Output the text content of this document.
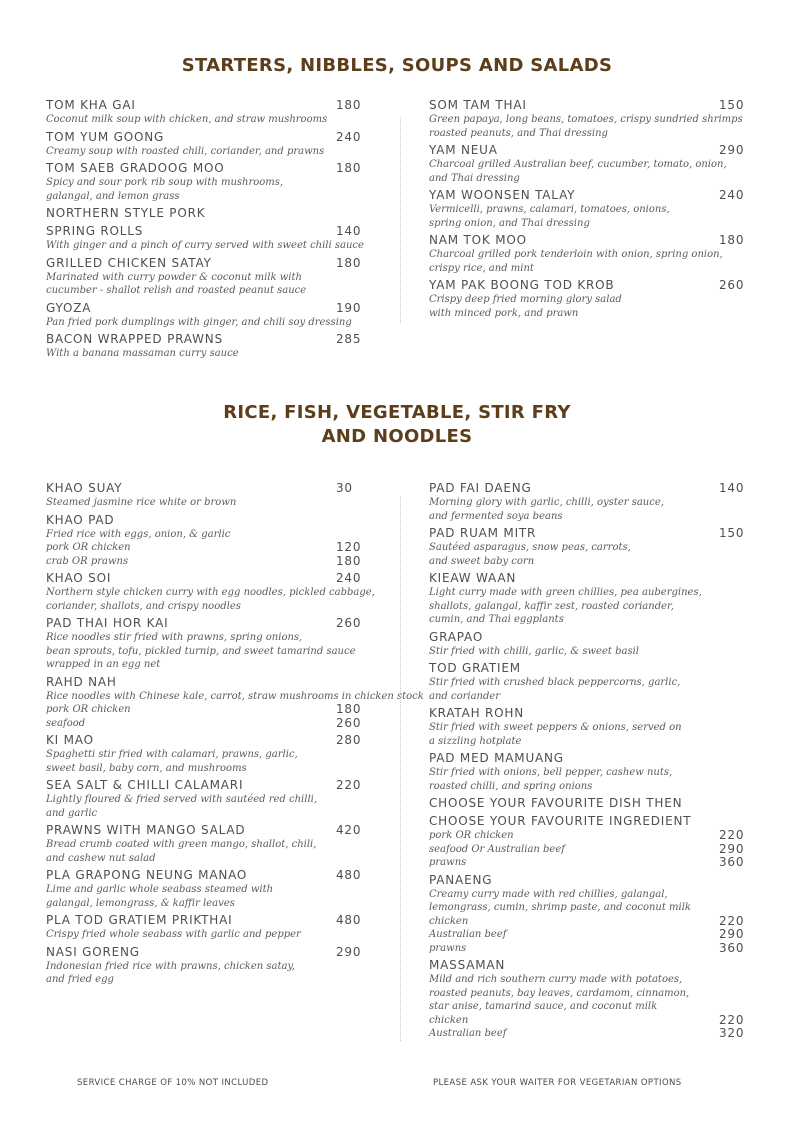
STARTERS, NIBBLES, SOUPS AND SALADS
TOM KHA GAI	180
Coconut milk soup with chicken, and straw mushrooms
TOM YUM GOONG	240
Creamy soup with roasted chili, coriander, and prawns
TOM SAEB GRADOOG MOO	180
Spicy and sour pork rib soup with mushrooms,
galangal, and lemon grass
NORTHERN STYLE PORK
SPRING ROLLS	140
With ginger and a pinch of curry served with sweet chili sauce
GRILLED CHICKEN SATAY	180
Marinated with curry powder & coconut milk with
cucumber - shallot relish and roasted peanut sauce
GYOZA	190
Pan fried pork dumplings with ginger, and chili soy dressing
BACON WRAPPED PRAWNS	285
With a banana massaman curry sauce
SOM TAM THAI	150
Green papaya, long beans, tomatoes, crispy sundried shrimps
roasted peanuts, and Thai dressing
YAM NEUA	290
Charcoal grilled Australian beef, cucumber, tomato, onion,
and Thai dressing
YAM WOONSEN TALAY	240
Vermicelli, prawns, calamari, tomatoes, onions,
spring onion, and Thai dressing
NAM TOK MOO	180
Charcoal grilled pork tenderloin with onion, spring onion,
crispy rice, and mint
YAM PAK BOONG TOD KROB	260
Crispy deep fried morning glory salad
with minced pork, and prawn
RICE, FISH, VEGETABLE, STIR FRY
AND NOODLES
KHAO SUAY	30
Steamed jasmine rice white or brown
KHAO PAD
Fried rice with eggs, onion, & garlic
pork OR chicken	120
crab OR prawns	180
KHAO SOI	240
Northern style chicken curry with egg noodles, pickled cabbage,
coriander, shallots, and crispy noodles
PAD THAI HOR KAI	260
Rice noodles stir fried with prawns, spring onions,
bean sprouts, tofu, pickled turnip, and sweet tamarind sauce
wrapped in an egg net
RAHD NAH
Rice noodles with Chinese kale, carrot, straw mushrooms in chicken stock
pork OR chicken	180
seafood	260
KI MAO	280
Spaghetti stir fried with calamari, prawns, garlic,
sweet basil, baby corn, and mushrooms
SEA SALT & CHILLI CALAMARI	220
Lightly floured & fried served with sautéed red chilli,
and garlic
PRAWNS WITH MANGO SALAD	420
Bread crumb coated with green mango, shallot, chili,
and cashew nut salad
PLA GRAPONG NEUNG MANAO	480
Lime and garlic whole seabass steamed with
galangal, lemongrass, & kaffir leaves
PLA TOD GRATIEM PRIKTHAI	480
Crispy fried whole seabass with garlic and pepper
NASI GORENG	290
Indonesian fried rice with prawns, chicken satay,
and fried egg
PAD FAI DAENG	140
Morning glory with garlic, chilli, oyster sauce,
and fermented soya beans
PAD RUAM MITR	150
Sautéed asparagus, snow peas, carrots,
and sweet baby corn
KIEAW WAAN
Light curry made with green chillies, pea aubergines,
shallots, galangal, kaffir zest, roasted coriander,
cumin, and Thai eggplants
GRAPAO
Stir fried with chilli, garlic, & sweet basil
TOD GRATIEM
Stir fried with crushed black peppercorns, garlic,
and coriander
KRATAH ROHN
Stir fried with sweet peppers & onions, served on
a sizzling hotplate
PAD MED MAMUANG
Stir fried with onions, bell pepper, cashew nuts,
roasted chilli, and spring onions
CHOOSE YOUR FAVOURITE DISH THEN
CHOOSE YOUR FAVOURITE INGREDIENT
pork OR chicken	220
seafood Or Australian beef	290
prawns	360
PANAENG
Creamy curry made with red chillies, galangal,
lemongrass, cumin, shrimp paste, and coconut milk
chicken	220
Australian beef	290
prawns	360
MASSAMAN
Mild and rich southern curry made with potatoes,
roasted peanuts, bay leaves, cardamom, cinnamon,
star anise, tamarind sauce, and coconut milk
chicken	220
Australian beef	320
SERVICE CHARGE OF 10% NOT INCLUDED	PLEASE ASK YOUR WAITER FOR VEGETARIAN OPTIONS
